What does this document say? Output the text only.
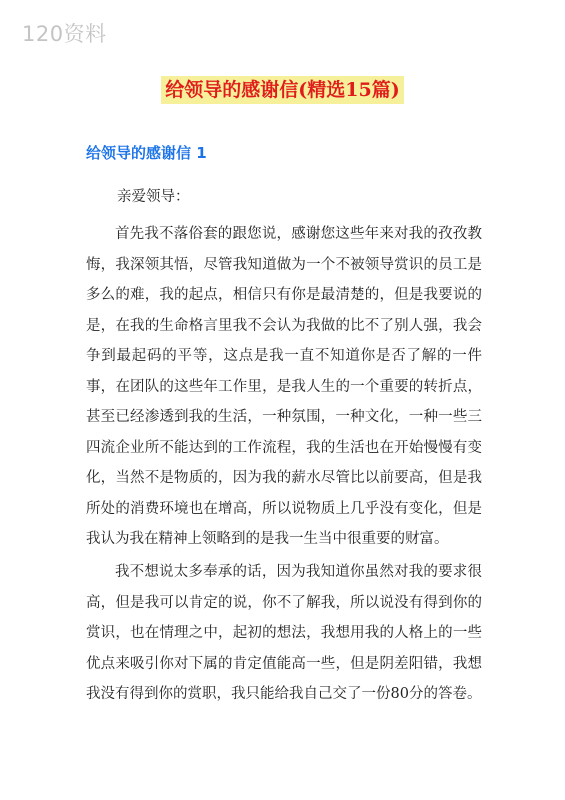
120资料
给领导的感谢信(精选15篇)
给领导的感谢信 1
亲爱领导：

首先我不落俗套的跟您说，感谢您这些年来对我的孜孜教悔，我深领其悟，尽管我知道做为一个不被领导赏识的员工是多么的难，我的起点，相信只有你是最清楚的，但是我要说的是，在我的生命格言里我不会认为我做的比不了别人强，我会争到最起码的平等，这点是我一直不知道你是否了解的一件事，在团队的这些年工作里，是我人生的一个重要的转折点，甚至已经渗透到我的生活，一种氛围，一种文化，一种一些三四流企业所不能达到的工作流程，我的生活也在开始慢慢有变化，当然不是物质的，因为我的薪水尽管比以前要高，但是我所处的消费环境也在增高，所以说物质上几乎没有变化，但是我认为我在精神上领略到的是我一生当中很重要的财富。

我不想说太多奉承的话，因为我知道你虽然对我的要求很高，但是我可以肯定的说，你不了解我，所以说没有得到你的赏识，也在情理之中，起初的想法，我想用我的人格上的一些优点来吸引你对下属的肯定值能高一些，但是阴差阳错，我想我没有得到你的赏职，我只能给我自己交了一份80分的答卷。
